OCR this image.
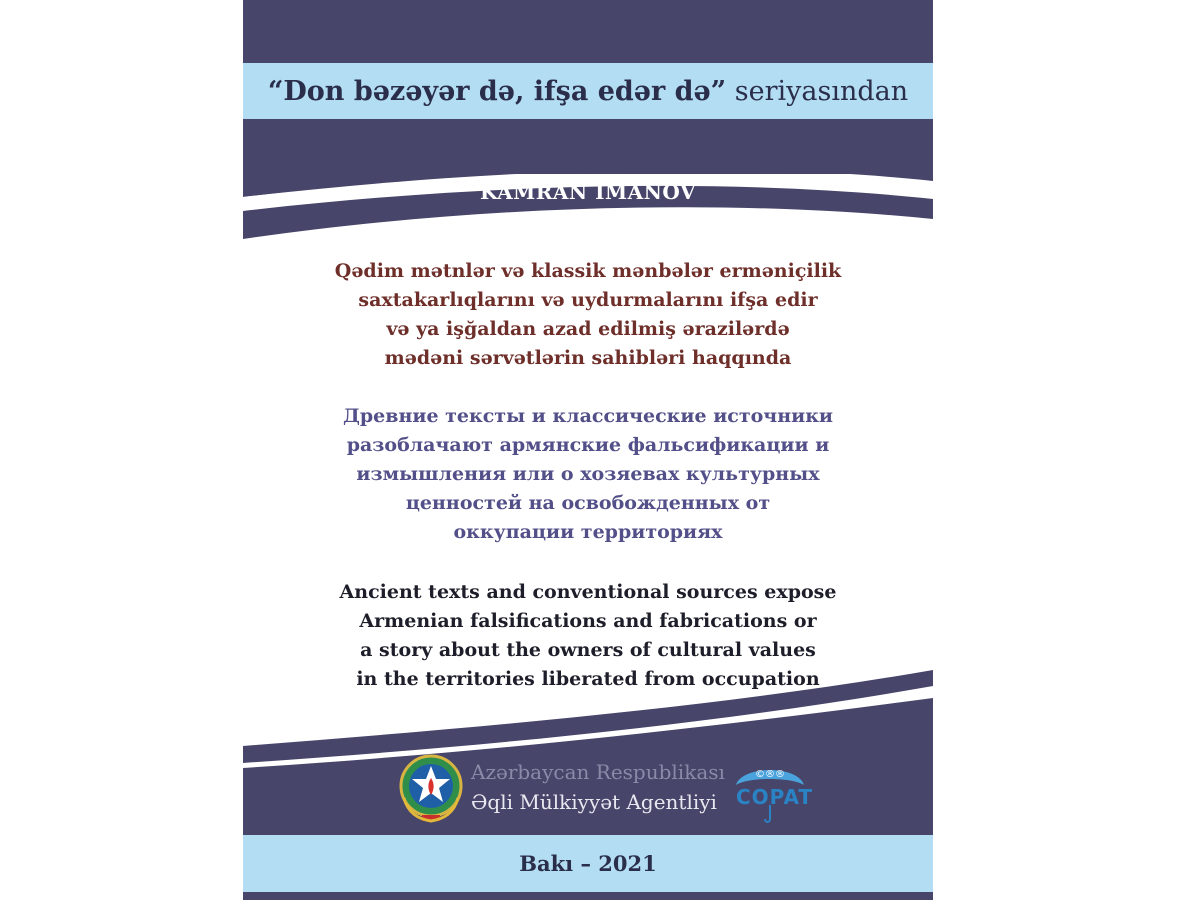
“Don bəzəyər də, ifşa edər də” seriyasından
KAMRAN İMANOV
Qədim mətnlər və klassik mənbələr erməniçilik
saxtakarlıqlarını və uydurmalarını ifşa edir
və ya işğaldan azad edilmiş ərazilərdə
mədəni sərvətlərin sahibləri haqqında
Древние тексты и классические источники
разоблачают армянские фальсификации и
измышления или о хозяевах культурных
ценностей на освобожденных от
оккупации территориях
Ancient texts and conventional sources expose
Armenian falsifications and fabrications or
a story about the owners of cultural values
in the territories liberated from occupation
Bakı – 2021
Azərbaycan Respublikası
Əqli Mülkiyyət Agentliyi
©®®
COPAT
